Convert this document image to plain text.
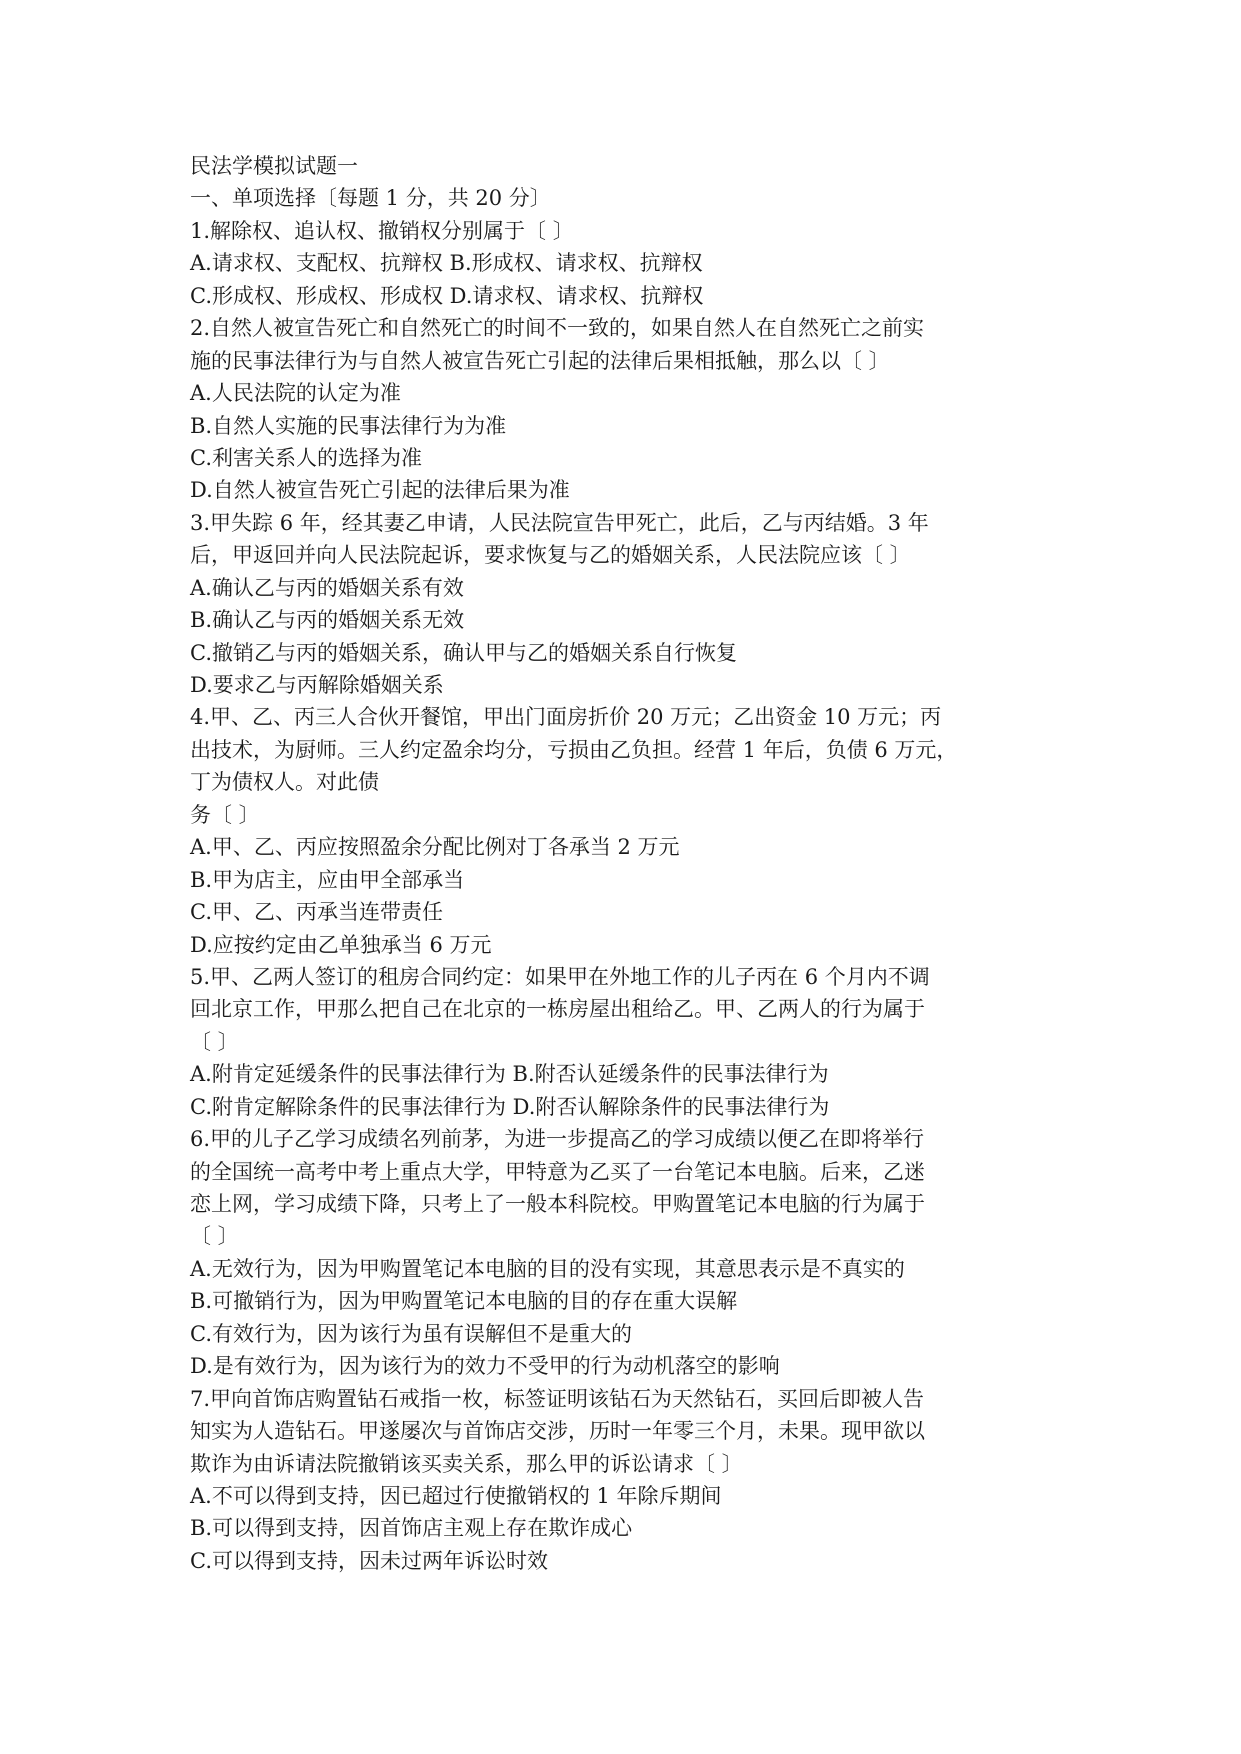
民法学模拟试题一
一、单项选择〔每题 1 分，共 20 分〕
1.解除权、追认权、撤销权分别属于〔 〕
A.请求权、支配权、抗辩权 B.形成权、请求权、抗辩权
C.形成权、形成权、形成权 D.请求权、请求权、抗辩权
2.自然人被宣告死亡和自然死亡的时间不一致的，如果自然人在自然死亡之前实
施的民事法律行为与自然人被宣告死亡引起的法律后果相抵触，那么以〔 〕
A.人民法院的认定为准
B.自然人实施的民事法律行为为准
C.利害关系人的选择为准
D.自然人被宣告死亡引起的法律后果为准
3.甲失踪 6 年，经其妻乙申请，人民法院宣告甲死亡，此后，乙与丙结婚。3 年
后，甲返回并向人民法院起诉，要求恢复与乙的婚姻关系，人民法院应该〔 〕
A.确认乙与丙的婚姻关系有效
B.确认乙与丙的婚姻关系无效
C.撤销乙与丙的婚姻关系，确认甲与乙的婚姻关系自行恢复
D.要求乙与丙解除婚姻关系
4.甲、乙、丙三人合伙开餐馆，甲出门面房折价 20 万元；乙出资金 10 万元；丙
出技术，为厨师。三人约定盈余均分，亏损由乙负担。经营 1 年后，负债 6 万元，
丁为债权人。对此债
务〔 〕
A.甲、乙、丙应按照盈余分配比例对丁各承当 2 万元
B.甲为店主，应由甲全部承当
C.甲、乙、丙承当连带责任
D.应按约定由乙单独承当 6 万元
5.甲、乙两人签订的租房合同约定：如果甲在外地工作的儿子丙在 6 个月内不调
回北京工作，甲那么把自己在北京的一栋房屋出租给乙。甲、乙两人的行为属于
〔 〕
A.附肯定延缓条件的民事法律行为 B.附否认延缓条件的民事法律行为
C.附肯定解除条件的民事法律行为 D.附否认解除条件的民事法律行为
6.甲的儿子乙学习成绩名列前茅，为进一步提高乙的学习成绩以便乙在即将举行
的全国统一高考中考上重点大学，甲特意为乙买了一台笔记本电脑。后来，乙迷
恋上网，学习成绩下降，只考上了一般本科院校。甲购置笔记本电脑的行为属于
〔 〕
A.无效行为，因为甲购置笔记本电脑的目的没有实现，其意思表示是不真实的
B.可撤销行为，因为甲购置笔记本电脑的目的存在重大误解
C.有效行为，因为该行为虽有误解但不是重大的
D.是有效行为，因为该行为的效力不受甲的行为动机落空的影响
7.甲向首饰店购置钻石戒指一枚，标签证明该钻石为天然钻石，买回后即被人告
知实为人造钻石。甲遂屡次与首饰店交涉，历时一年零三个月，未果。现甲欲以
欺诈为由诉请法院撤销该买卖关系，那么甲的诉讼请求〔 〕
A.不可以得到支持，因已超过行使撤销权的 1 年除斥期间
B.可以得到支持，因首饰店主观上存在欺诈成心
C.可以得到支持，因未过两年诉讼时效
